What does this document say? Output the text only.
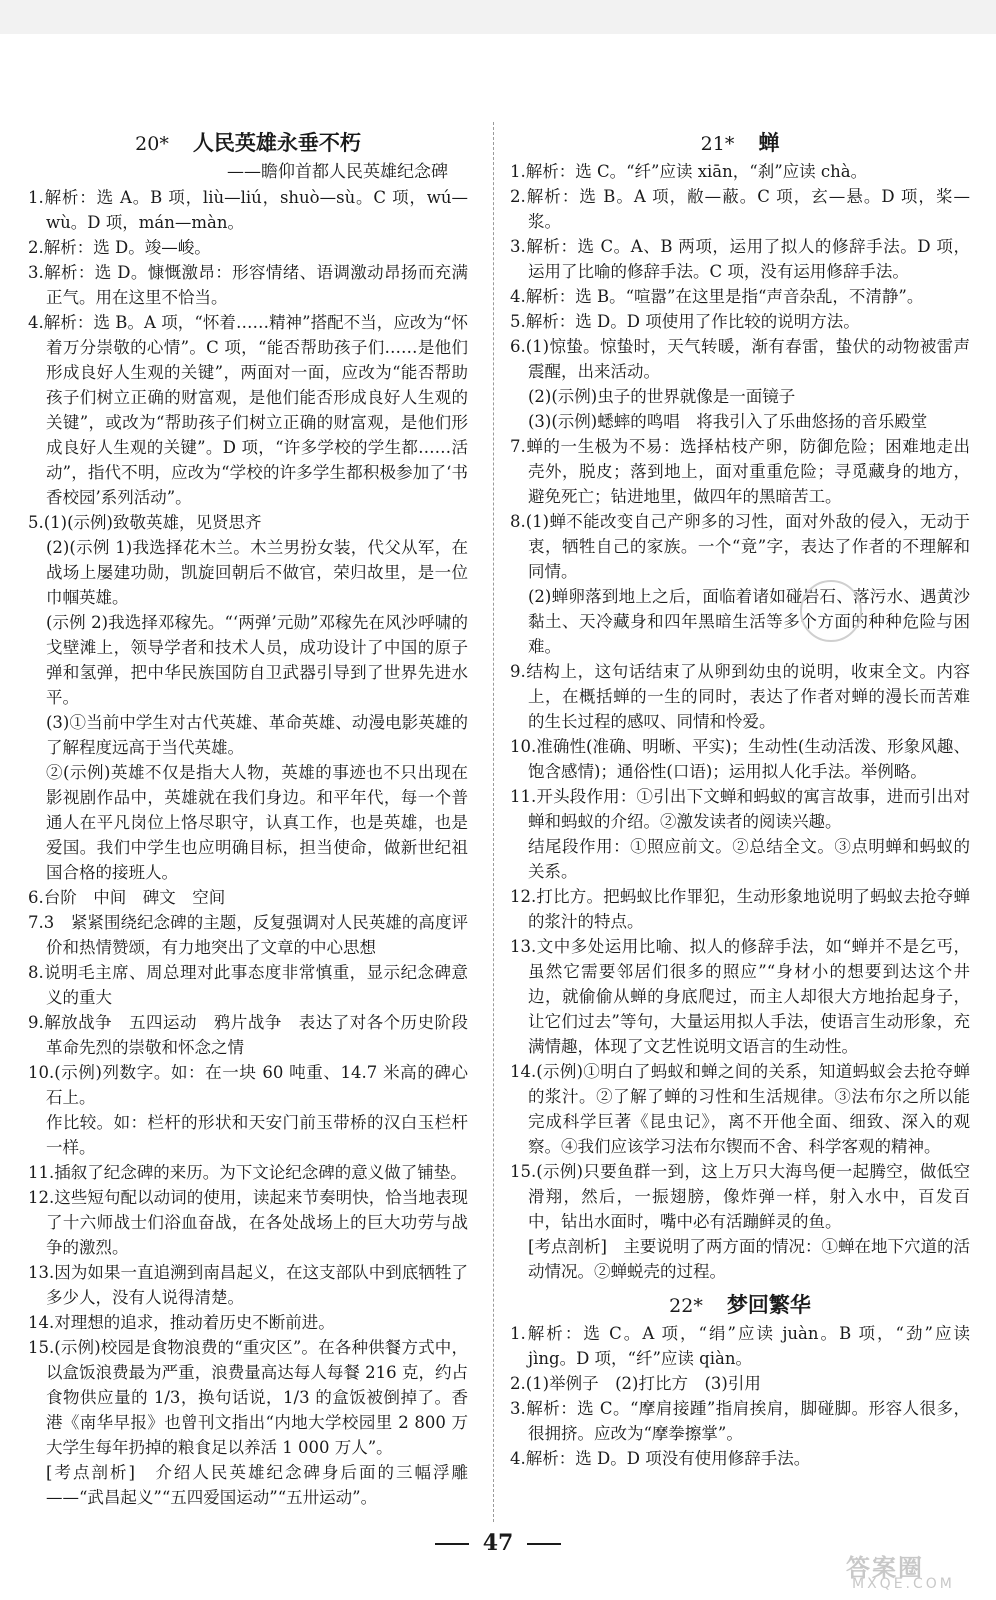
20* 人民英雄永垂不朽
——瞻仰首都人民英雄纪念碑

1.解析：选 A。B 项，liù—liú，shuò—sù。C 项，wú—wù。D 项，mán—màn。

2.解析：选 D。竣—峻。

3.解析：选 D。慷慨激昂：形容情绪、语调激动昂扬而充满正气。用在这里不恰当。

4.解析：选 B。A 项，“怀着……精神”搭配不当，应改为“怀着万分崇敬的心情”。C 项，“能否帮助孩子们……是他们形成良好人生观的关键”，两面对一面，应改为“能否帮助孩子们树立正确的财富观，是他们能否形成良好人生观的关键”，或改为“帮助孩子们树立正确的财富观，是他们形成良好人生观的关键”。D 项，“许多学校的学生都……活动”，指代不明，应改为“学校的许多学生都积极参加了‘书香校园’系列活动”。

5.(1)(示例)致敬英雄，见贤思齐

(2)(示例 1)我选择花木兰。木兰男扮女装，代父从军，在战场上屡建功勋，凯旋回朝后不做官，荣归故里，是一位巾帼英雄。

(示例 2)我选择邓稼先。“‘两弹’元勋”邓稼先在风沙呼啸的戈壁滩上，领导学者和技术人员，成功设计了中国的原子弹和氢弹，把中华民族国防自卫武器引导到了世界先进水平。

(3)①当前中学生对古代英雄、革命英雄、动漫电影英雄的了解程度远高于当代英雄。

②(示例)英雄不仅是指大人物，英雄的事迹也不只出现在影视剧作品中，英雄就在我们身边。和平年代，每一个普通人在平凡岗位上恪尽职守，认真工作，也是英雄，也是爱国。我们中学生也应明确目标，担当使命，做新世纪祖国合格的接班人。

6.台阶　中间　碑文　空间

7.3　紧紧围绕纪念碑的主题，反复强调对人民英雄的高度评价和热情赞颂，有力地突出了文章的中心思想

8.说明毛主席、周总理对此事态度非常慎重，显示纪念碑意义的重大

9.解放战争　五四运动　鸦片战争　表达了对各个历史阶段革命先烈的崇敬和怀念之情

10.(示例)列数字。如：在一块 60 吨重、14.7 米高的碑心石上。

作比较。如：栏杆的形状和天安门前玉带桥的汉白玉栏杆一样。

11.插叙了纪念碑的来历。为下文论纪念碑的意义做了铺垫。

12.这些短句配以动词的使用，读起来节奏明快，恰当地表现了十六师战士们浴血奋战，在各处战场上的巨大功劳与战争的激烈。

13.因为如果一直追溯到南昌起义，在这支部队中到底牺牲了多少人，没有人说得清楚。

14.对理想的追求，推动着历史不断前进。

15.(示例)校园是食物浪费的“重灾区”。在各种供餐方式中，以盒饭浪费最为严重，浪费量高达每人每餐 216 克，约占食物供应量的 1/3，换句话说，1/3 的盒饭被倒掉了。香港《南华早报》也曾刊文指出“内地大学校园里 2 800 万大学生每年扔掉的粮食足以养活 1 000 万人”。

[考点剖析]　介绍人民英雄纪念碑身后面的三幅浮雕——“武昌起义”“五四爱国运动”“五卅运动”。

21* 蝉

1.解析：选 C。“纤”应读 xiān，“刹”应读 chà。

2.解析：选 B。A 项，敝—蔽。C 项，玄—悬。D 项，桨—浆。

3.解析：选 C。A、B 两项，运用了拟人的修辞手法。D 项，运用了比喻的修辞手法。C 项，没有运用修辞手法。

4.解析：选 B。“喧嚣”在这里是指“声音杂乱，不清静”。

5.解析：选 D。D 项使用了作比较的说明方法。

6.(1)惊蛰。惊蛰时，天气转暖，渐有春雷，蛰伏的动物被雷声震醒，出来活动。

(2)(示例)虫子的世界就像是一面镜子

(3)(示例)蟋蟀的鸣唱　将我引入了乐曲悠扬的音乐殿堂

7.蝉的一生极为不易：选择枯枝产卵，防御危险；困难地走出壳外，脱皮；落到地上，面对重重危险；寻觅藏身的地方，避免死亡；钻进地里，做四年的黑暗苦工。

8.(1)蝉不能改变自己产卵多的习性，面对外敌的侵入，无动于衷，牺牲自己的家族。一个“竟”字，表达了作者的不理解和同情。

(2)蝉卵落到地上之后，面临着诸如碰岩石、落污水、遇黄沙黏土、天冷藏身和四年黑暗生活等多个方面的种种危险与困难。

9.结构上，这句话结束了从卵到幼虫的说明，收束全文。内容上，在概括蝉的一生的同时，表达了作者对蝉的漫长而苦难的生长过程的感叹、同情和怜爱。

10.准确性(准确、明晰、平实)；生动性(生动活泼、形象风趣、饱含感情)；通俗性(口语)；运用拟人化手法。举例略。

11.开头段作用：①引出下文蝉和蚂蚁的寓言故事，进而引出对蝉和蚂蚁的介绍。②激发读者的阅读兴趣。

结尾段作用：①照应前文。②总结全文。③点明蝉和蚂蚁的关系。

12.打比方。把蚂蚁比作罪犯，生动形象地说明了蚂蚁去抢夺蝉的浆汁的特点。

13.文中多处运用比喻、拟人的修辞手法，如“蝉并不是乞丐，虽然它需要邻居们很多的照应”“身材小的想要到达这个井边，就偷偷从蝉的身底爬过，而主人却很大方地抬起身子，让它们过去”等句，大量运用拟人手法，使语言生动形象，充满情趣，体现了文艺性说明文语言的生动性。

14.(示例)①明白了蚂蚁和蝉之间的关系，知道蚂蚁会去抢夺蝉的浆汁。②了解了蝉的习性和生活规律。③法布尔之所以能完成科学巨著《昆虫记》，离不开他全面、细致、深入的观察。④我们应该学习法布尔锲而不舍、科学客观的精神。

15.(示例)只要鱼群一到，这上万只大海鸟便一起腾空，做低空滑翔，然后，一振翅膀，像炸弹一样，射入水中，百发百中，钻出水面时，嘴中必有活蹦鲜灵的鱼。

[考点剖析]　主要说明了两方面的情况：①蝉在地下穴道的活动情况。②蝉蜕壳的过程。

22* 梦回繁华

1.解析：选 C。A 项，“绢”应读 juàn。B 项，“劲”应读 jìng。D 项，“纤”应读 qiàn。

2.(1)举例子　(2)打比方　(3)引用

3.解析：选 C。“摩肩接踵”指肩挨肩，脚碰脚。形容人很多，很拥挤。应改为“摩拳擦掌”。

4.解析：选 D。D 项没有使用修辞手法。

47
答案圈
MXQE.COM
